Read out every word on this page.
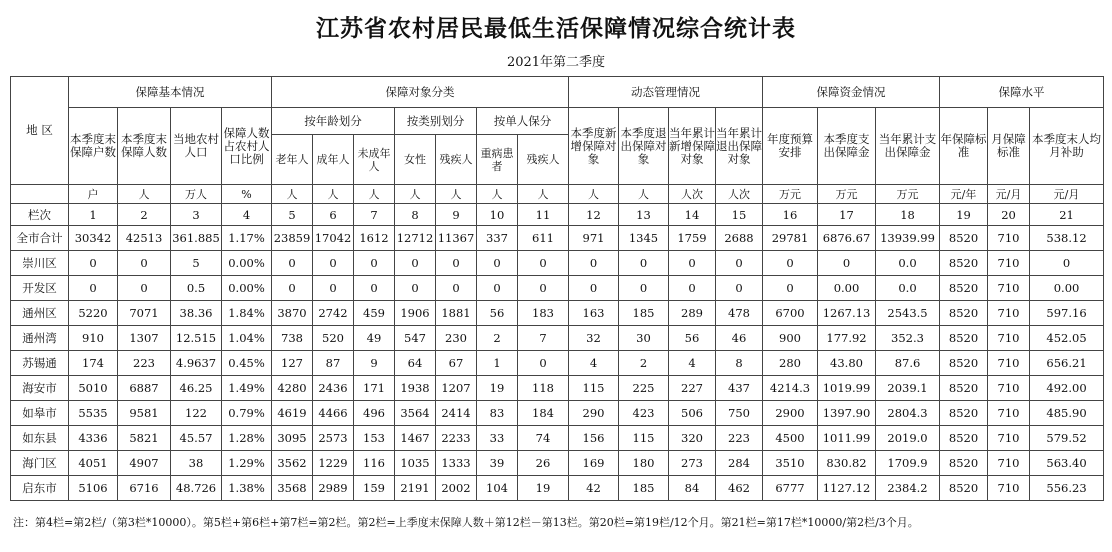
江苏省农村居民最低生活保障情况综合统计表
2021年第二季度
地 区	保障基本情况				保障对象分类							动态管理情况				保障资金情况			保障水平		
	本季度末保障户数	本季度末保障人数	当地农村人口	保障人数占农村人口比例	按年龄划分			按类别划分		按单人保分		本季度新增保障对象	本季度退出保障对象	当年累计新增保障对象	当年累计退出保障对象	年度预算安排	本季度支出保障金	当年累计支出保障金	年保障标准	月保障标准	本季度末人均月补助
					老年人	成年人	未成年人	女性	残疾人	重病患者	残疾人										
	户	人	万人	%	人	人	人	人	人	人	人	人	人	人次	人次	万元	万元	万元	元/年	元/月	元/月
栏次	1	2	3	4	5	6	7	8	9	10	11	12	13	14	15	16	17	18	19	20	21
全市合计	30342	42513	361.885	1.17%	23859	17042	1612	12712	11367	337	611	971	1345	1759	2688	29781	6876.67	13939.99	8520	710	538.12
崇川区	0	0	5	0.00%	0	0	0	0	0	0	0	0	0	0	0	0	0	0.0	8520	710	0
开发区	0	0	0.5	0.00%	0	0	0	0	0	0	0	0	0	0	0	0	0.00	0.0	8520	710	0.00
通州区	5220	7071	38.36	1.84%	3870	2742	459	1906	1881	56	183	163	185	289	478	6700	1267.13	2543.5	8520	710	597.16
通州湾	910	1307	12.515	1.04%	738	520	49	547	230	2	7	32	30	56	46	900	177.92	352.3	8520	710	452.05
苏锡通	174	223	4.9637	0.45%	127	87	9	64	67	1	0	4	2	4	8	280	43.80	87.6	8520	710	656.21
海安市	5010	6887	46.25	1.49%	4280	2436	171	1938	1207	19	118	115	225	227	437	4214.3	1019.99	2039.1	8520	710	492.00
如皋市	5535	9581	122	0.79%	4619	4466	496	3564	2414	83	184	290	423	506	750	2900	1397.90	2804.3	8520	710	485.90
如东县	4336	5821	45.57	1.28%	3095	2573	153	1467	2233	33	74	156	115	320	223	4500	1011.99	2019.0	8520	710	579.52
海门区	4051	4907	38	1.29%	3562	1229	116	1035	1333	39	26	169	180	273	284	3510	830.82	1709.9	8520	710	563.40
启东市	5106	6716	48.726	1.38%	3568	2989	159	2191	2002	104	19	42	185	84	462	6777	1127.12	2384.2	8520	710	556.23
注：第4栏=第2栏/（第3栏*10000）。第5栏+第6栏+第7栏=第2栏。第2栏=上季度末保障人数＋第12栏－第13栏。第20栏=第19栏/12个月。第21栏=第17栏*10000/第2栏/3个月。
